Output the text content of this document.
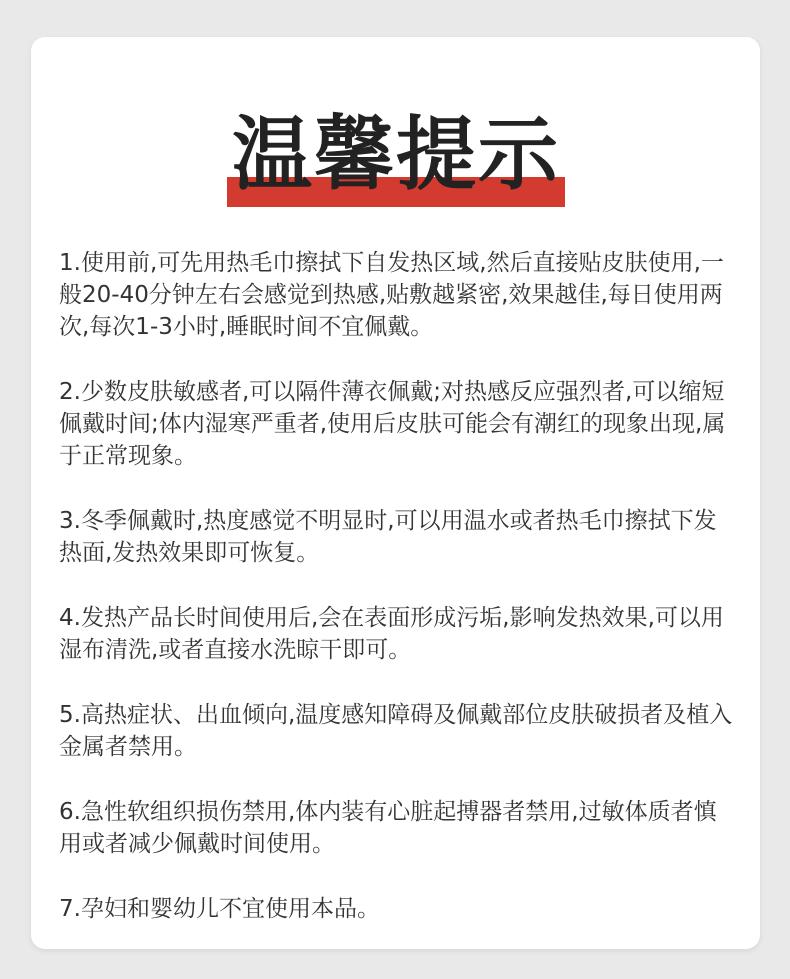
温馨提示

1.使用前,可先用热毛巾擦拭下自发热区域,然后直接贴皮肤使用,一般20-40分钟左右会感觉到热感,贴敷越紧密,效果越佳,每日使用两次,每次1-3小时,睡眠时间不宜佩戴。

2.少数皮肤敏感者,可以隔件薄衣佩戴;对热感反应强烈者,可以缩短佩戴时间;体内湿寒严重者,使用后皮肤可能会有潮红的现象出现,属于正常现象。

3.冬季佩戴时,热度感觉不明显时,可以用温水或者热毛巾擦拭下发热面,发热效果即可恢复。

4.发热产品长时间使用后,会在表面形成污垢,影响发热效果,可以用湿布清洗,或者直接水洗晾干即可。

5.高热症状、出血倾向,温度感知障碍及佩戴部位皮肤破损者及植入金属者禁用。

6.急性软组织损伤禁用,体内装有心脏起搏器者禁用,过敏体质者慎用或者减少佩戴时间使用。

7.孕妇和婴幼儿不宜使用本品。
